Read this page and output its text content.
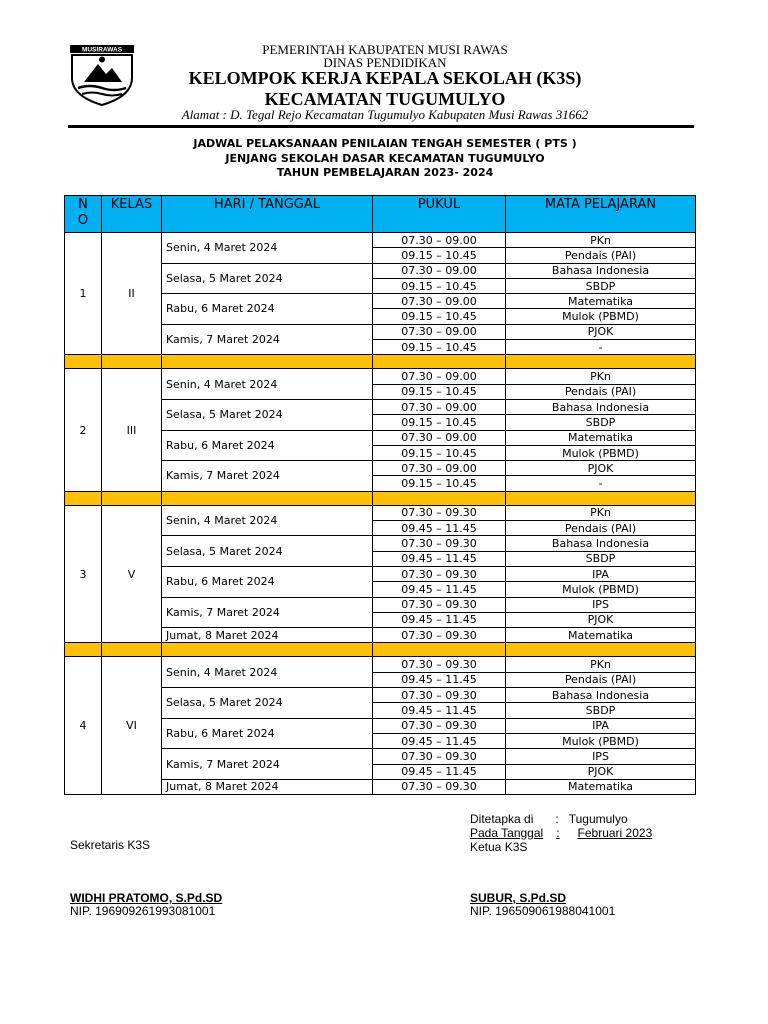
MUSIRAWAS	PEMERINTAH KABUPATEN MUSI RAWAS
DINAS PENDIDIKAN
KELOMPOK KERJA KEPALA SEKOLAH (K3S)
KECAMATAN TUGUMULYO
Alamat : D. Tegal Rejo Kecamatan Tugumulyo Kabupaten Musi Rawas 31662
JADWAL PELAKSANAAN PENILAIAN TENGAH SEMESTER ( PTS )
JENJANG SEKOLAH DASAR KECAMATAN TUGUMULYO
TAHUN PEMBELAJARAN 2023- 2024
N O	KELAS	HARI / TANGGAL	PUKUL	MATA PELAJARAN
1	II	Senin, 4 Maret 2024	07.30 – 09.00	PKn
			09.15 – 10.45	Pendais (PAI)
		Selasa, 5 Maret 2024	07.30 – 09.00	Bahasa Indonesia
			09.15 – 10.45	SBDP
		Rabu, 6 Maret 2024	07.30 – 09.00	Matematika
			09.15 – 10.45	Mulok (PBMD)
		Kamis, 7 Maret 2024	07.30 – 09.00	PJOK
			09.15 – 10.45	-

2	III	Senin, 4 Maret 2024	07.30 – 09.00	PKn
			09.15 – 10.45	Pendais (PAI)
		Selasa, 5 Maret 2024	07.30 – 09.00	Bahasa Indonesia
			09.15 – 10.45	SBDP
		Rabu, 6 Maret 2024	07.30 – 09.00	Matematika
			09.15 – 10.45	Mulok (PBMD)
		Kamis, 7 Maret 2024	07.30 – 09.00	PJOK
			09.15 – 10.45	-

3	V	Senin, 4 Maret 2024	07.30 – 09.30	PKn
			09.45 – 11.45	Pendais (PAI)
		Selasa, 5 Maret 2024	07.30 – 09.30	Bahasa Indonesia
			09.45 – 11.45	SBDP
		Rabu, 6 Maret 2024	07.30 – 09.30	IPA
			09.45 – 11.45	Mulok (PBMD)
		Kamis, 7 Maret 2024	07.30 – 09.30	IPS
			09.45 – 11.45	PJOK
		Jumat, 8 Maret 2024	07.30 – 09.30	Matematika

4	VI	Senin, 4 Maret 2024	07.30 – 09.30	PKn
			09.45 – 11.45	Pendais (PAI)
		Selasa, 5 Maret 2024	07.30 – 09.30	Bahasa Indonesia
			09.45 – 11.45	SBDP
		Rabu, 6 Maret 2024	07.30 – 09.30	IPA
			09.45 – 11.45	Mulok (PBMD)
		Kamis, 7 Maret 2024	07.30 – 09.30	IPS
			09.45 – 11.45	PJOK
		Jumat, 8 Maret 2024	07.30 – 09.30	Matematika
Ditetapka di : Tugumulyo
Pada Tanggal : Februari 2023
Ketua K3S
Sekretaris K3S
WIDHI PRATOMO, S.Pd.SD
NIP. 196909261993081001
SUBUR, S.Pd.SD
NIP. 196509061988041001
